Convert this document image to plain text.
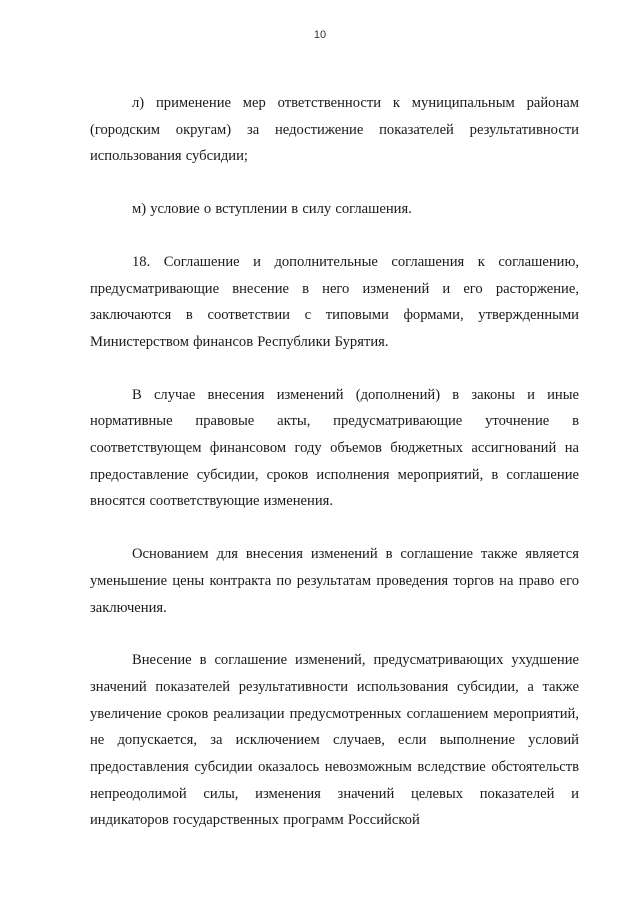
10

л) применение мер ответственности к муниципальным районам (городским округам) за недостижение показателей результативности использования субсидии;

м) условие о вступлении в силу соглашения.

18. Соглашение и дополнительные соглашения к соглашению, предусматривающие внесение в него изменений и его расторжение, заключаются в соответствии с типовыми формами, утвержденными Министерством финансов Республики Бурятия.

В случае внесения изменений (дополнений) в законы и иные нормативные правовые акты, предусматривающие уточнение в соответствующем финансовом году объемов бюджетных ассигнований на предоставление субсидии, сроков исполнения мероприятий, в соглашение вносятся соответствующие изменения.

Основанием для внесения изменений в соглашение также является уменьшение цены контракта по результатам проведения торгов на право его заключения.

Внесение в соглашение изменений, предусматривающих ухудшение значений показателей результативности использования субсидии, а также увеличение сроков реализации предусмотренных соглашением мероприятий, не допускается, за исключением случаев, если выполнение условий предоставления субсидии оказалось невозможным вследствие обстоятельств непреодолимой силы, изменения значений целевых показателей и индикаторов государственных программ Российской
